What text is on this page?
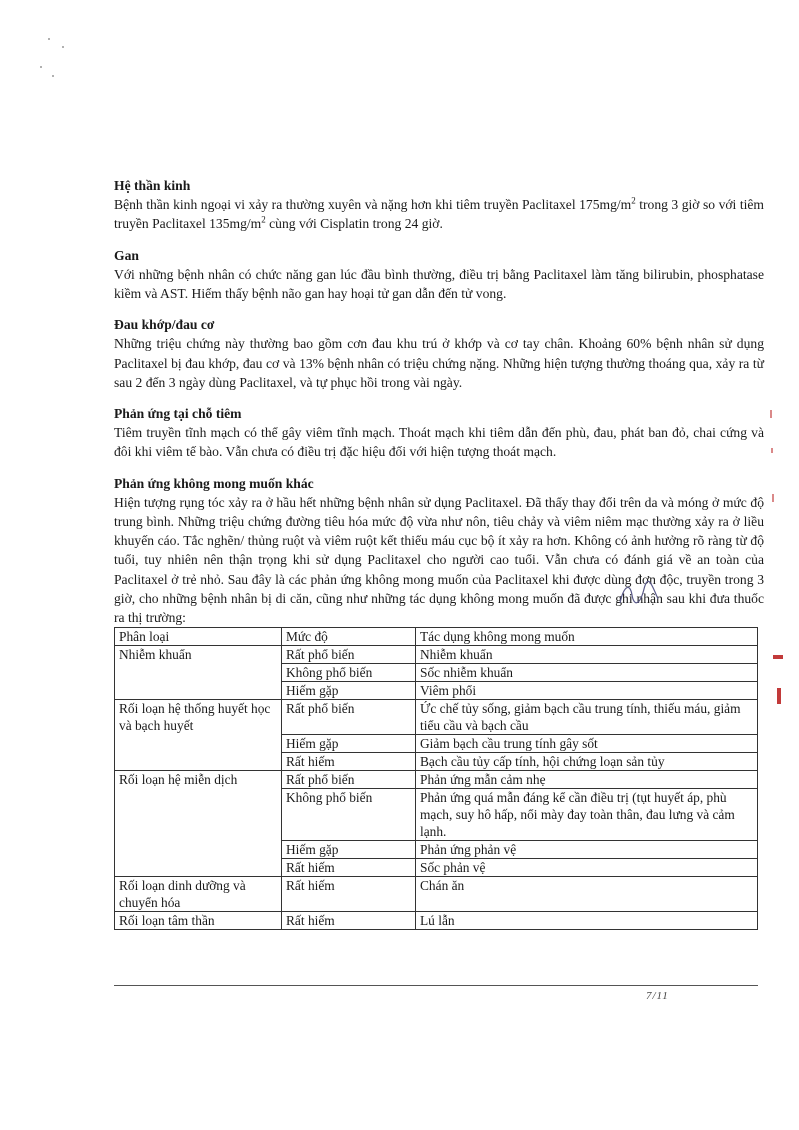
Hệ thần kinh

Bệnh thần kinh ngoại vi xảy ra thường xuyên và nặng hơn khi tiêm truyền Paclitaxel $175mg/m^2$ trong 3 giờ so với tiêm truyền Paclitaxel $135mg/m^2$ cùng với Cisplatin trong 24 giờ.

Gan

Với những bệnh nhân có chức năng gan lúc đầu bình thường, điều trị bằng Paclitaxel làm tăng bilirubin, phosphatase kiềm và AST. Hiếm thấy bệnh não gan hay hoại tử gan dẫn đến tử vong.

Đau khớp/đau cơ

Những triệu chứng này thường bao gồm cơn đau khu trú ở khớp và cơ tay chân. Khoảng 60% bệnh nhân sử dụng Paclitaxel bị đau khớp, đau cơ và 13% bệnh nhân có triệu chứng nặng. Những hiện tượng thường thoáng qua, xảy ra từ sau 2 đến 3 ngày dùng Paclitaxel, và tự phục hồi trong vài ngày.

Phản ứng tại chỗ tiêm

Tiêm truyền tĩnh mạch có thể gây viêm tĩnh mạch. Thoát mạch khi tiêm dẫn đến phù, đau, phát ban đỏ, chai cứng và đôi khi viêm tế bào. Vẫn chưa có điều trị đặc hiệu đối với hiện tượng thoát mạch.

Phản ứng không mong muốn khác

Hiện tượng rụng tóc xảy ra ở hầu hết những bệnh nhân sử dụng Paclitaxel. Đã thấy thay đổi trên da và móng ở mức độ trung bình. Những triệu chứng đường tiêu hóa mức độ vừa như nôn, tiêu chảy và viêm niêm mạc thường xảy ra ở liều khuyến cáo. Tắc nghẽn/ thủng ruột và viêm ruột kết thiếu máu cục bộ ít xảy ra hơn. Không có ảnh hưởng rõ ràng từ độ tuổi, tuy nhiên nên thận trọng khi sử dụng Paclitaxel cho người cao tuổi. Vẫn chưa có đánh giá về an toàn của Paclitaxel ở trẻ nhỏ. Sau đây là các phản ứng không mong muốn của Paclitaxel khi được dùng đơn độc, truyền trong 3 giờ, cho những bệnh nhân bị di căn, cũng như những tác dụng không mong muốn đã được ghi nhận sau khi đưa thuốc ra thị trường:

Phân loại	Mức độ	Tác dụng không mong muốn
Nhiễm khuẩn	Rất phổ biến	Nhiễm khuẩn
	Không phổ biến	Sốc nhiễm khuẩn
	Hiếm gặp	Viêm phổi
Rối loạn hệ thống huyết học và bạch huyết	Rất phổ biến	Ức chế tủy sống, giảm bạch cầu trung tính, thiếu máu, giảm tiểu cầu và bạch cầu
	Hiếm gặp	Giảm bạch cầu trung tính gây sốt
	Rất hiếm	Bạch cầu tủy cấp tính, hội chứng loạn sản tủy
Rối loạn hệ miễn dịch	Rất phổ biến	Phản ứng mẫn cảm nhẹ
	Không phổ biến	Phản ứng quá mẫn đáng kể cần điều trị (tụt huyết áp, phù mạch, suy hô hấp, nổi mày đay toàn thân, đau lưng và cảm lạnh.
	Hiếm gặp	Phản ứng phản vệ
	Rất hiếm	Sốc phản vệ
Rối loạn dinh dưỡng và chuyển hóa	Rất hiếm	Chán ăn
Rối loạn tâm thần	Rất hiếm	Lú lẫn
7/11
